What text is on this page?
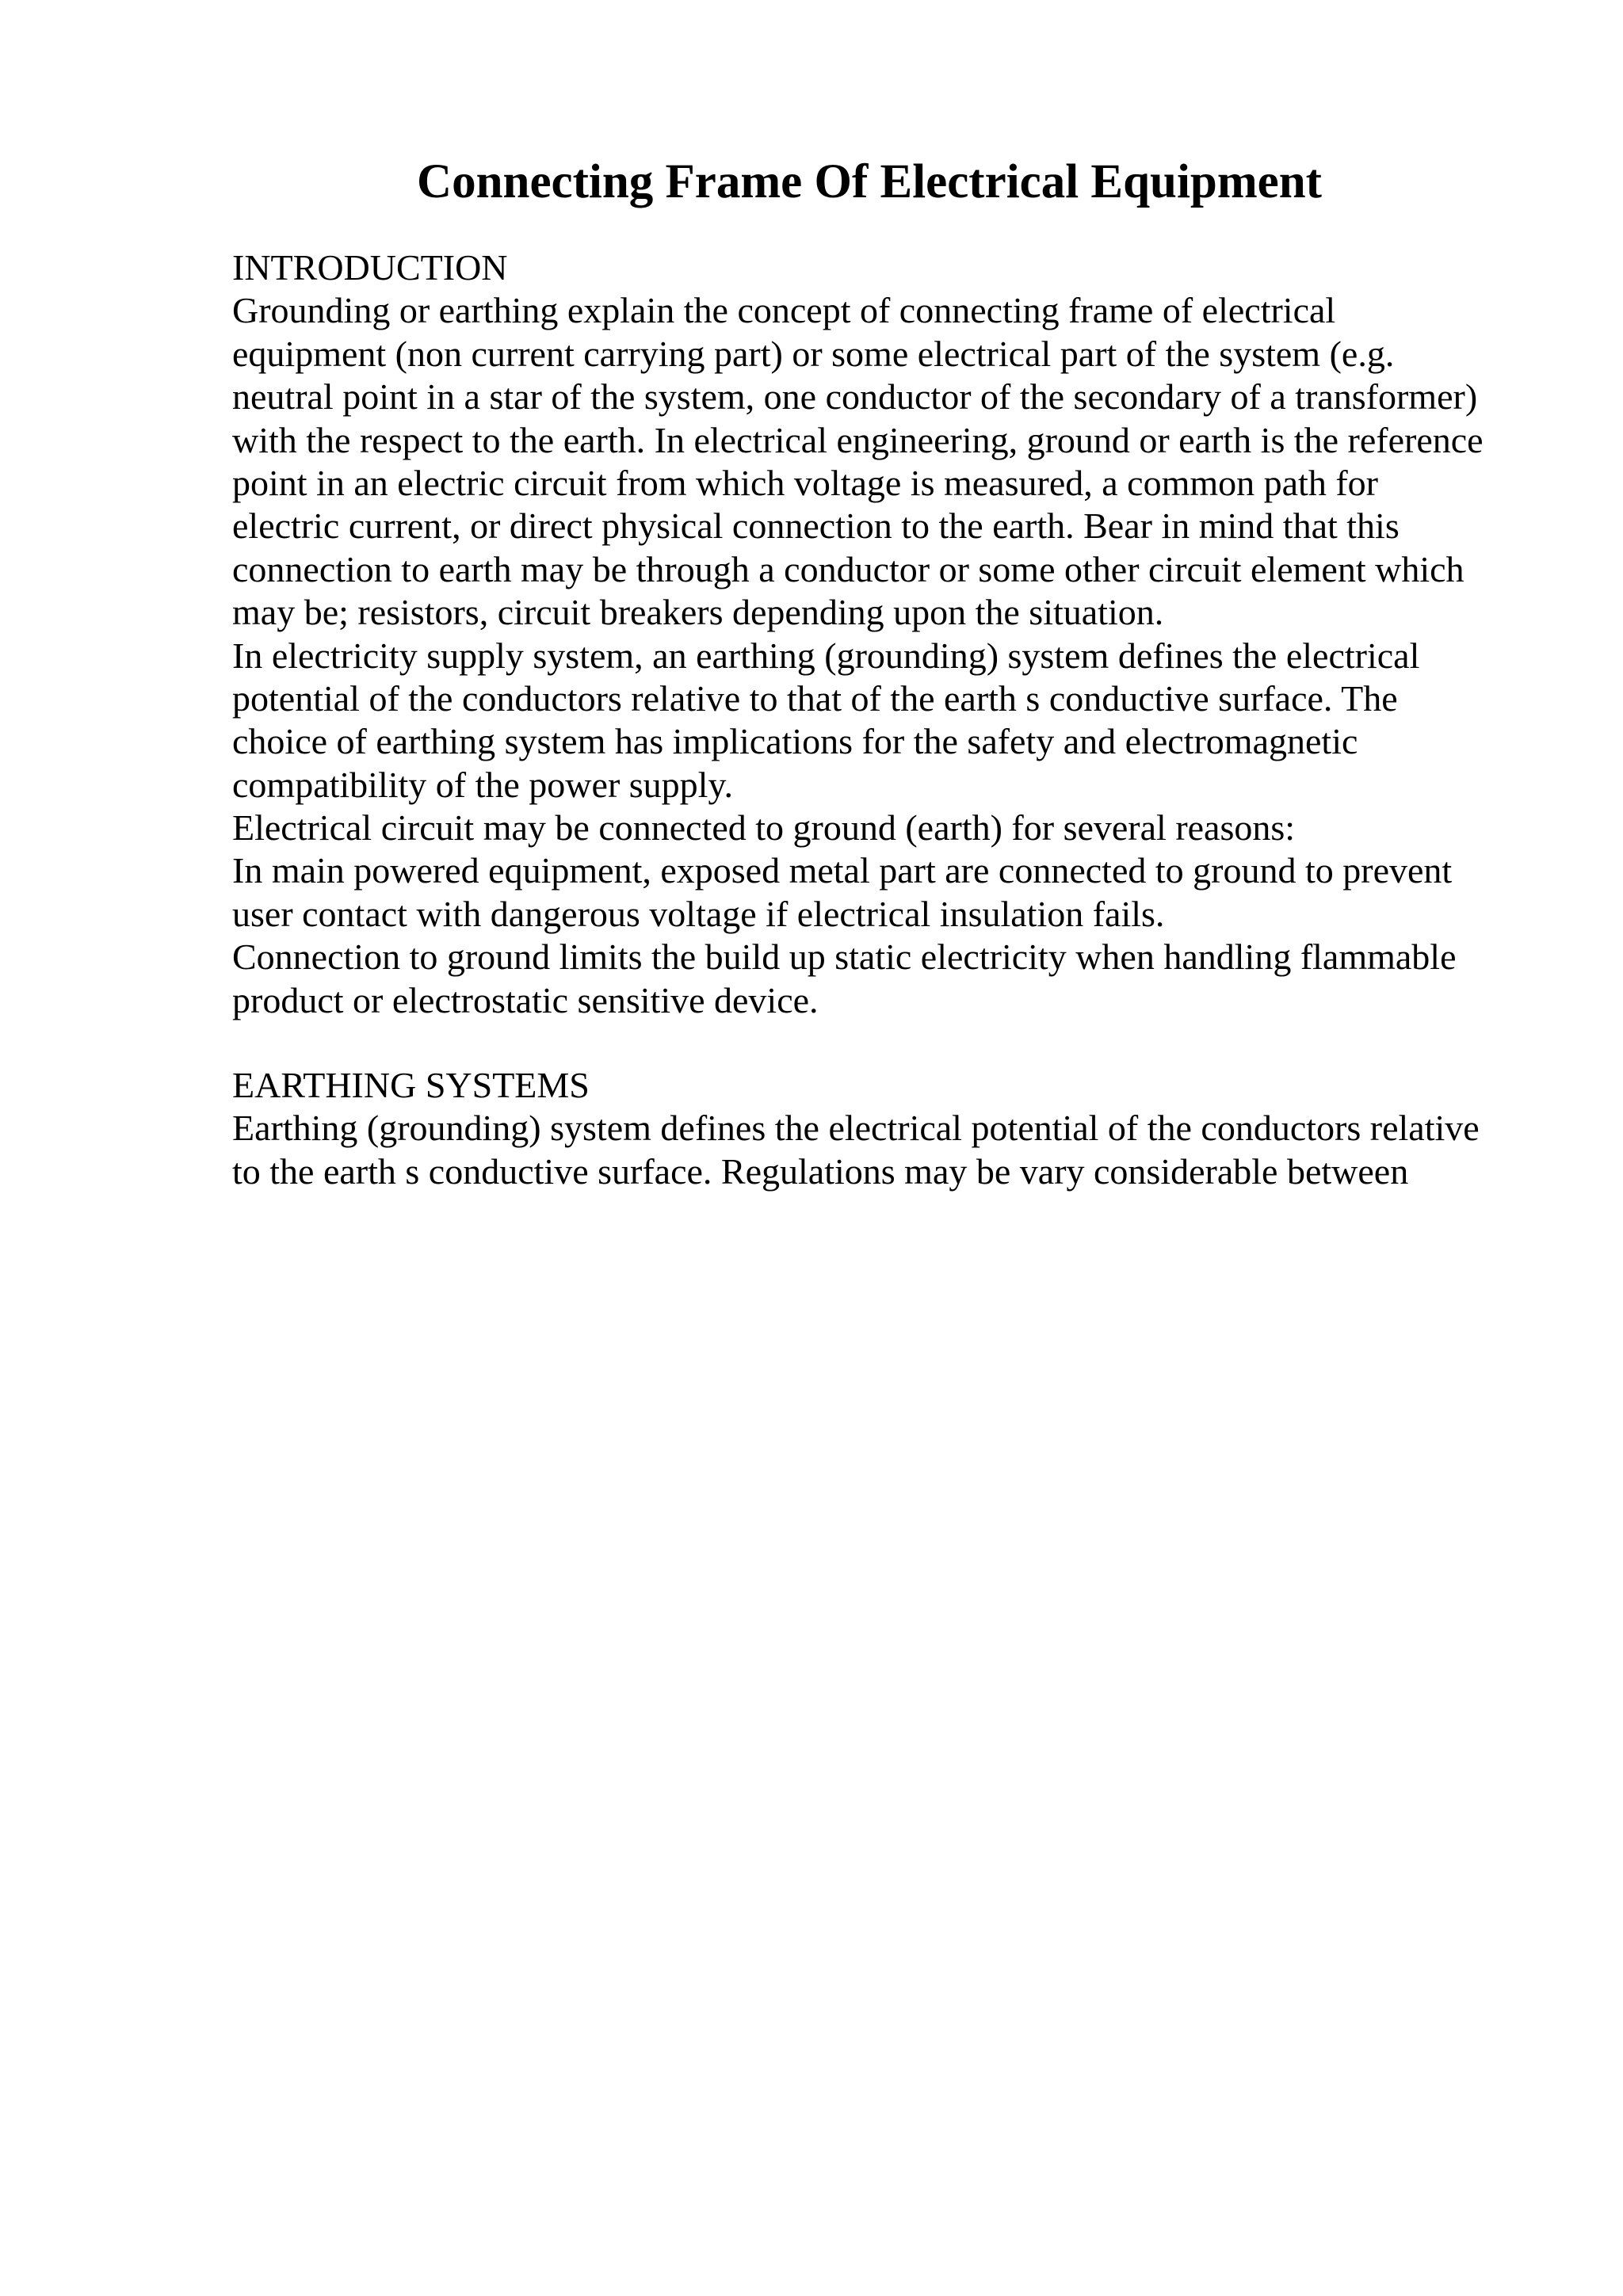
Connecting Frame Of Electrical Equipment

INTRODUCTION

Grounding or earthing explain the concept of connecting frame of electrical

equipment (non current carrying part) or some electrical part of the system (e.g.

neutral point in a star of the system, one conductor of the secondary of a transformer)

with the respect to the earth. In electrical engineering, ground or earth is the reference

point in an electric circuit from which voltage is measured, a common path for

electric current, or direct physical connection to the earth. Bear in mind that this

connection to earth may be through a conductor or some other circuit element which

may be; resistors, circuit breakers depending upon the situation.

In electricity supply system, an earthing (grounding) system defines the electrical

potential of the conductors relative to that of the earth s conductive surface. The

choice of earthing system has implications for the safety and electromagnetic

compatibility of the power supply.

Electrical circuit may be connected to ground (earth) for several reasons:

In main powered equipment, exposed metal part are connected to ground to prevent

user contact with dangerous voltage if electrical insulation fails.

Connection to ground limits the build up static electricity when handling flammable

product or electrostatic sensitive device.

EARTHING SYSTEMS

Earthing (grounding) system defines the electrical potential of the conductors relative

to the earth s conductive surface. Regulations may be vary considerable between
